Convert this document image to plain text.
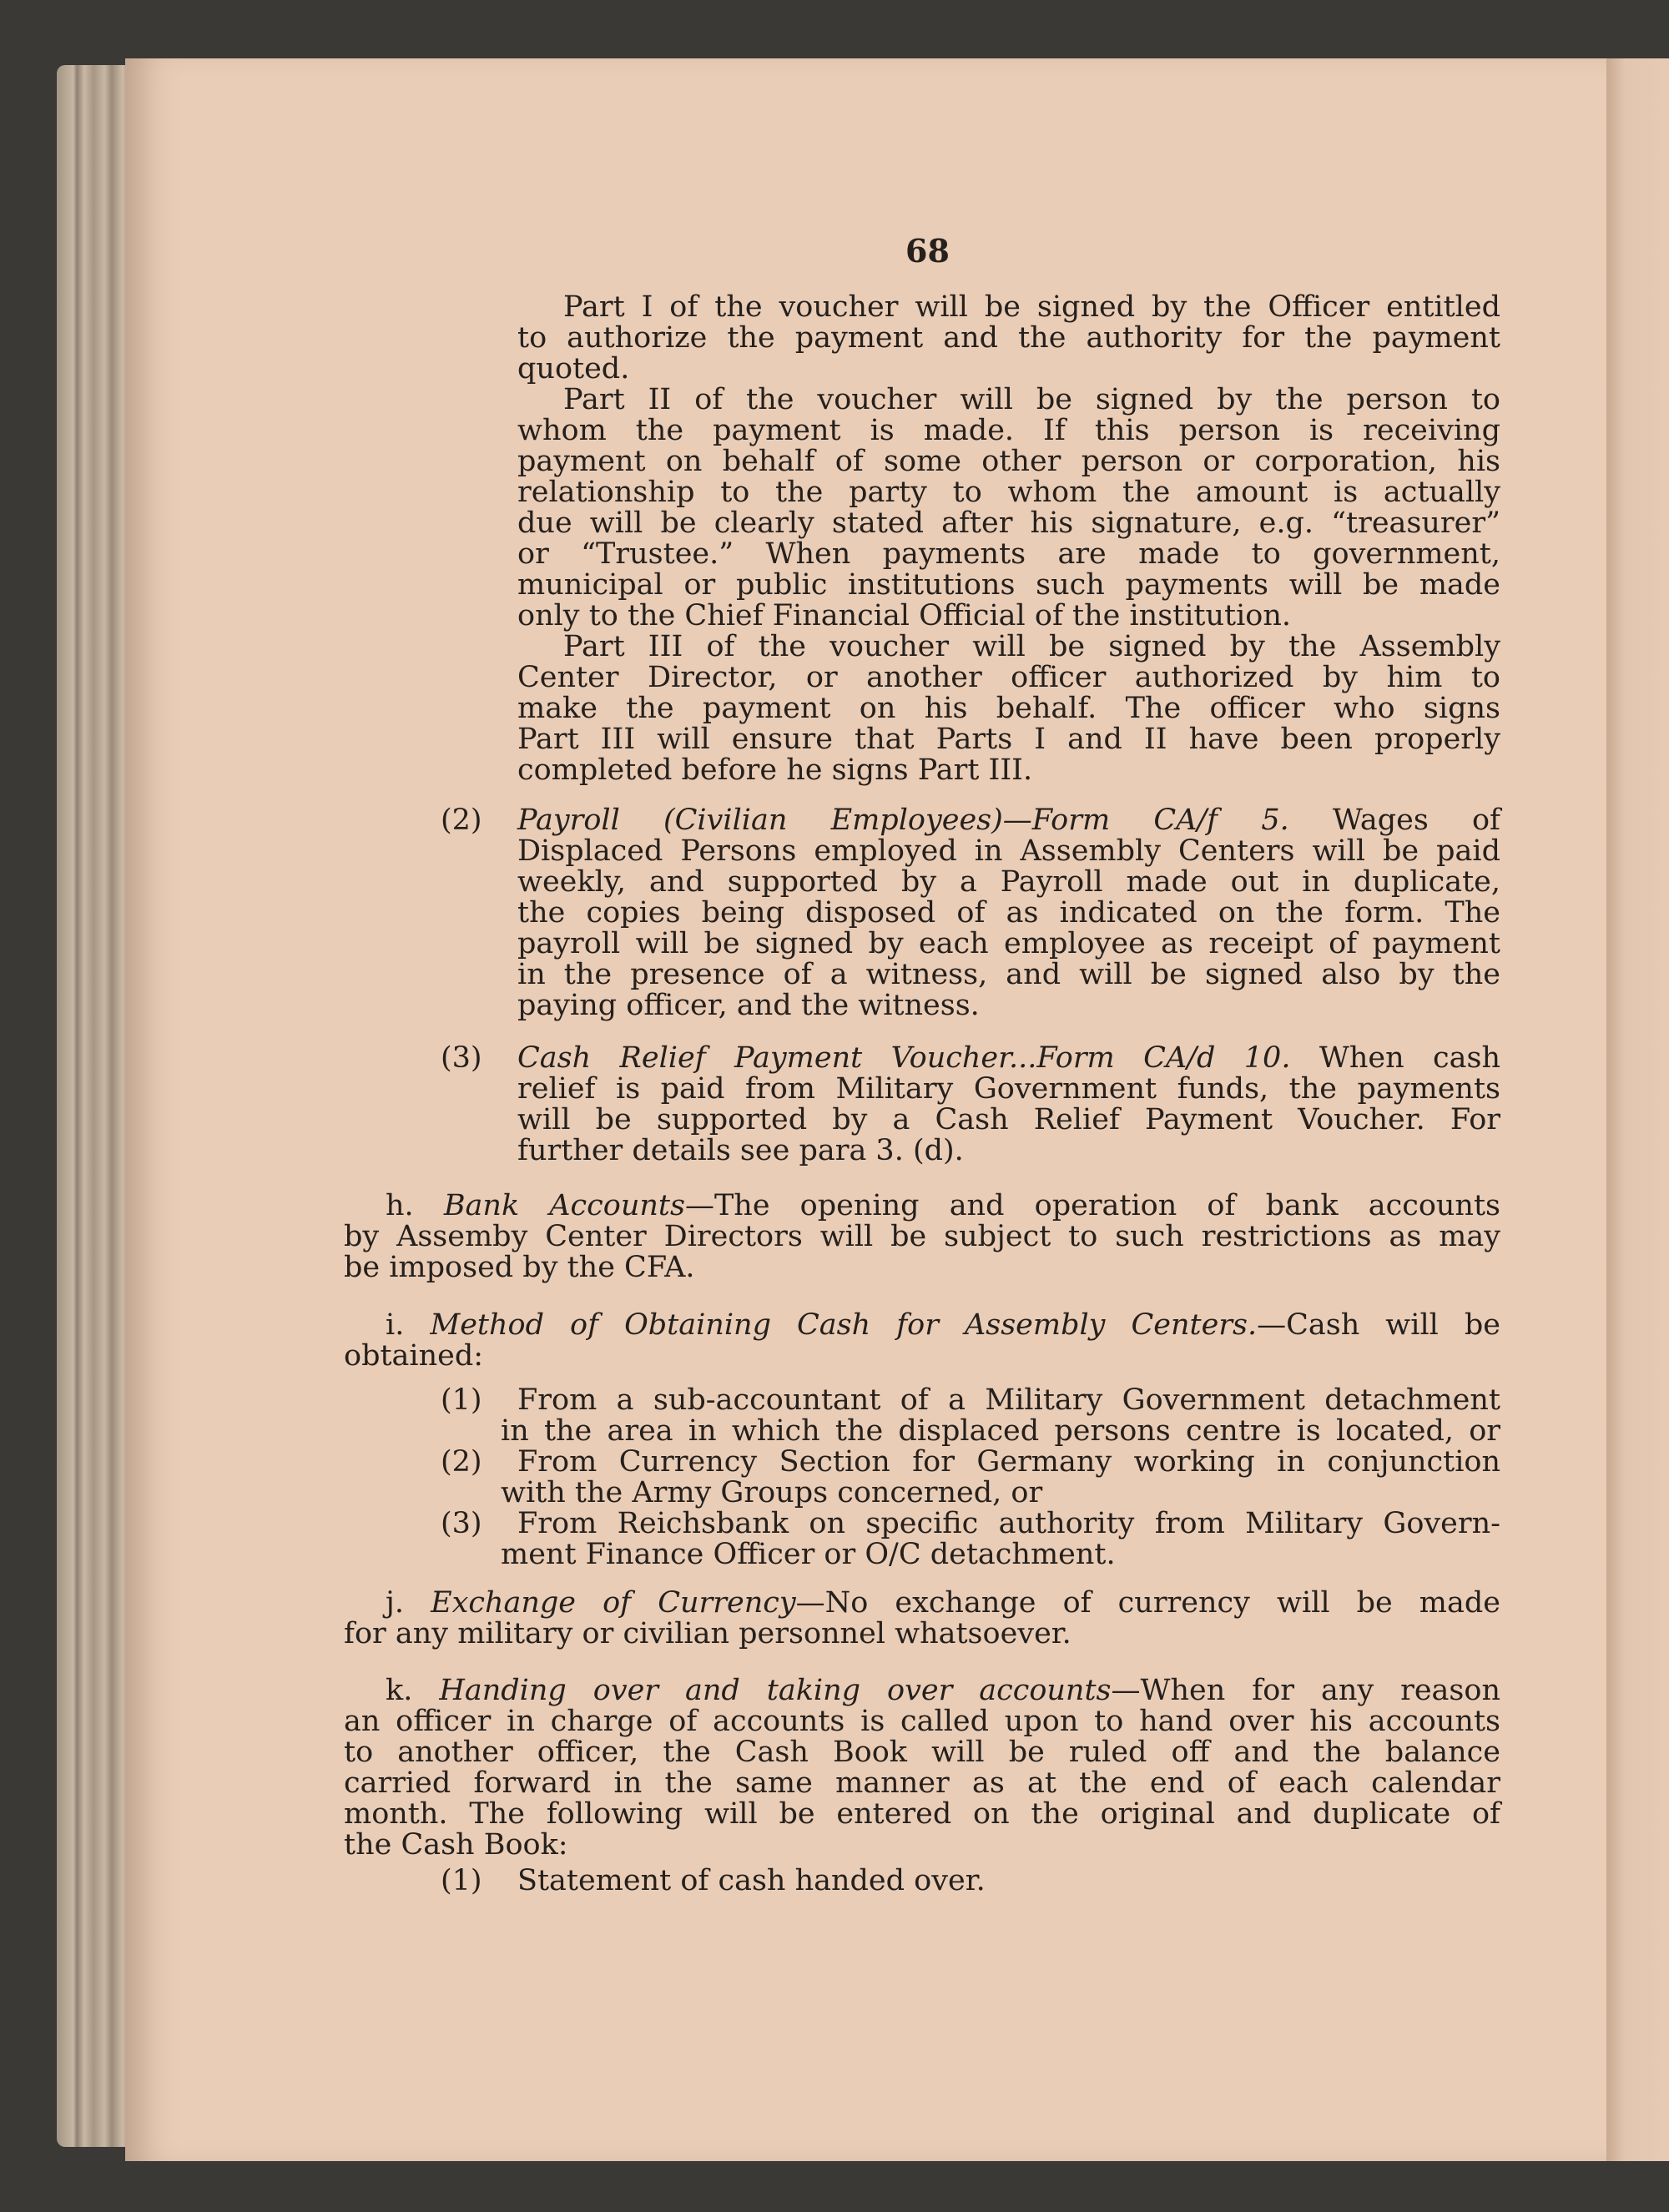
68
Part I of the voucher will be signed by the Officer entitled
to authorize the payment and the authority for the payment
quoted.
Part II of the voucher will be signed by the person to
whom the payment is made. If this person is receiving
payment on behalf of some other person or corporation, his
relationship to the party to whom the amount is actually
due will be clearly stated after his signature, e.g. “treasurer”
or “Trustee.” When payments are made to government,
municipal or public institutions such payments will be made
only to the Chief Financial Official of the institution.
Part III of the voucher will be signed by the Assembly
Center Director, or another officer authorized by him to
make the payment on his behalf. The officer who signs
Part III will ensure that Parts I and II have been properly
completed before he signs Part III.
(2) Payroll (Civilian Employees)—Form CA/f 5. Wages of
Displaced Persons employed in Assembly Centers will be paid
weekly, and supported by a Payroll made out in duplicate,
the copies being disposed of as indicated on the form. The
payroll will be signed by each employee as receipt of payment
in the presence of a witness, and will be signed also by the
paying officer, and the witness.
(3) Cash Relief Payment Voucher...Form CA/d 10. When cash
relief is paid from Military Government funds, the payments
will be supported by a Cash Relief Payment Voucher. For
further details see para 3. (d).
h. Bank Accounts—The opening and operation of bank accounts
by Assemby Center Directors will be subject to such restrictions as may
be imposed by the CFA.
i. Method of Obtaining Cash for Assembly Centers.—Cash will be
obtained:
(1)

(2)

(3)
From a sub-accountant of a Military Government detachment
in the area in which the displaced persons centre is located, or
From Currency Section for Germany working in conjunction
with the Army Groups concerned, or
From Reichsbank on specific authority from Military Govern-
ment Finance Officer or O/C detachment.
j. Exchange of Currency—No exchange of currency will be made
for any military or civilian personnel whatsoever.
k. Handing over and taking over accounts—When for any reason
an officer in charge of accounts is called upon to hand over his accounts
to another officer, the Cash Book will be ruled off and the balance
carried forward in the same manner as at the end of each calendar
month. The following will be entered on the original and duplicate of
the Cash Book:
(1) Statement of cash handed over.
